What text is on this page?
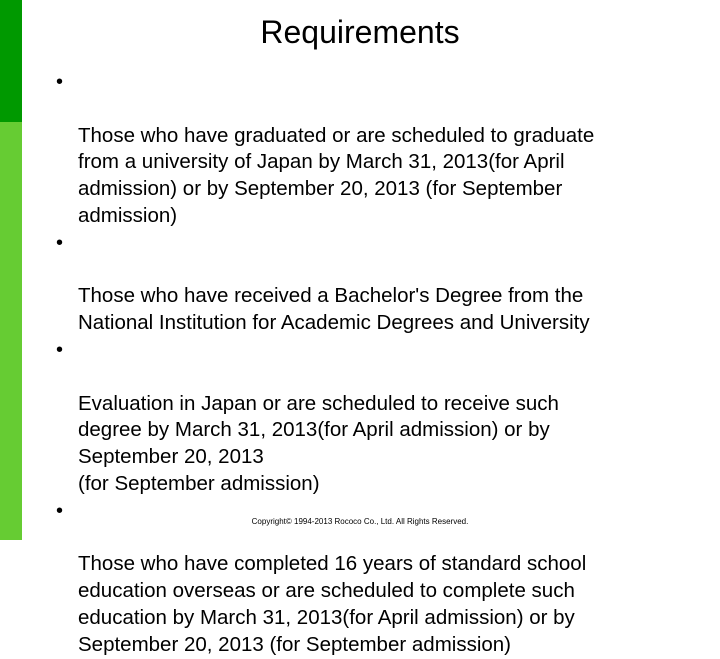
Requirements

•

Those who have graduated or are scheduled to graduate
from a university of Japan by March 31, 2013(for April
admission) or by September 20, 2013 (for September
admission)

•

Those who have received a Bachelor's Degree from the
National Institution for Academic Degrees and University

•

Evaluation in Japan or are scheduled to receive such
degree by March 31, 2013(for April admission) or by
September 20, 2013
(for September admission)

•

Those who have completed 16 years of standard school
education overseas or are scheduled to complete such
education by March 31, 2013(for April admission) or by
September 20, 2013 (for September admission)

Copyright© 1994-2013 Rococo Co., Ltd. All Rights Reserved.
